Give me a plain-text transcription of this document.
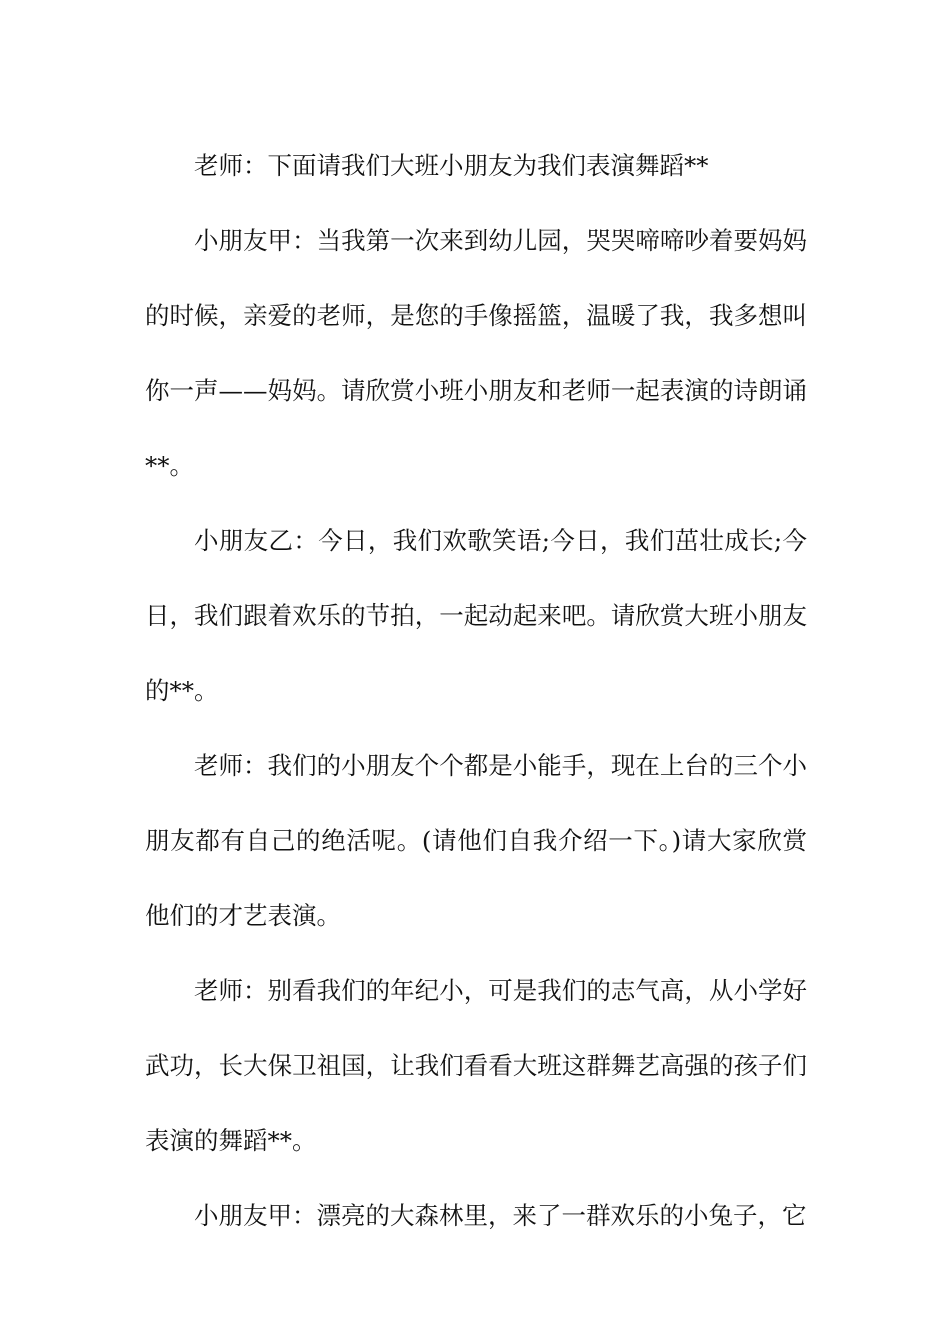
老师：下面请我们大班小朋友为我们表演舞蹈**

小朋友甲：当我第一次来到幼儿园，哭哭啼啼吵着要妈妈的时候，亲爱的老师，是您的手像摇篮，温暖了我，我多想叫你一声——妈妈。请欣赏小班小朋友和老师一起表演的诗朗诵**。

小朋友乙：今日，我们欢歌笑语;今日，我们茁壮成长;今日，我们跟着欢乐的节拍，一起动起来吧。请欣赏大班小朋友的**。

老师：我们的小朋友个个都是小能手，现在上台的三个小朋友都有自己的绝活呢。(请他们自我介绍一下。)请大家欣赏他们的才艺表演。

老师：别看我们的年纪小，可是我们的志气高，从小学好武功，长大保卫祖国，让我们看看大班这群舞艺高强的孩子们表演的舞蹈**。

小朋友甲：漂亮的大森林里，来了一群欢乐的小兔子，它
